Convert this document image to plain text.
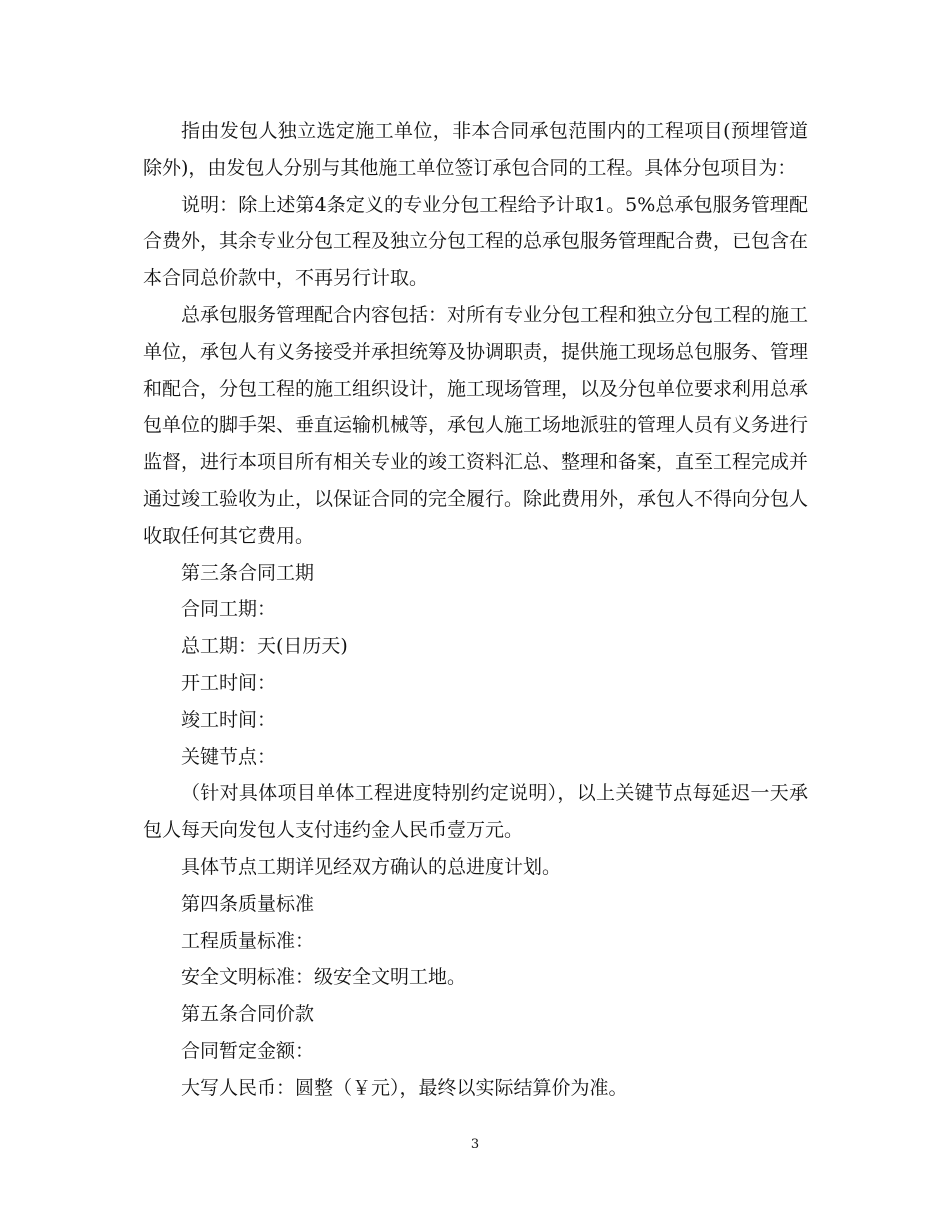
指由发包人独立选定施工单位，非本合同承包范围内的工程项目(预埋管道除外)，由发包人分别与其他施工单位签订承包合同的工程。具体分包项目为：

说明：除上述第4条定义的专业分包工程给予计取1。5%总承包服务管理配合费外，其余专业分包工程及独立分包工程的总承包服务管理配合费，已包含在本合同总价款中，不再另行计取。

总承包服务管理配合内容包括：对所有专业分包工程和独立分包工程的施工单位，承包人有义务接受并承担统筹及协调职责，提供施工现场总包服务、管理和配合，分包工程的施工组织设计，施工现场管理，以及分包单位要求利用总承包单位的脚手架、垂直运输机械等，承包人施工场地派驻的管理人员有义务进行监督，进行本项目所有相关专业的竣工资料汇总、整理和备案，直至工程完成并通过竣工验收为止，以保证合同的完全履行。除此费用外，承包人不得向分包人收取任何其它费用。

第三条合同工期

合同工期：

总工期：天(日历天)

开工时间：

竣工时间：

关键节点：

（针对具体项目单体工程进度特别约定说明），以上关键节点每延迟一天承包人每天向发包人支付违约金人民币壹万元。

具体节点工期详见经双方确认的总进度计划。

第四条质量标准

工程质量标准：

安全文明标准：级安全文明工地。

第五条合同价款

合同暂定金额：

大写人民币：圆整（￥元），最终以实际结算价为准。

3
